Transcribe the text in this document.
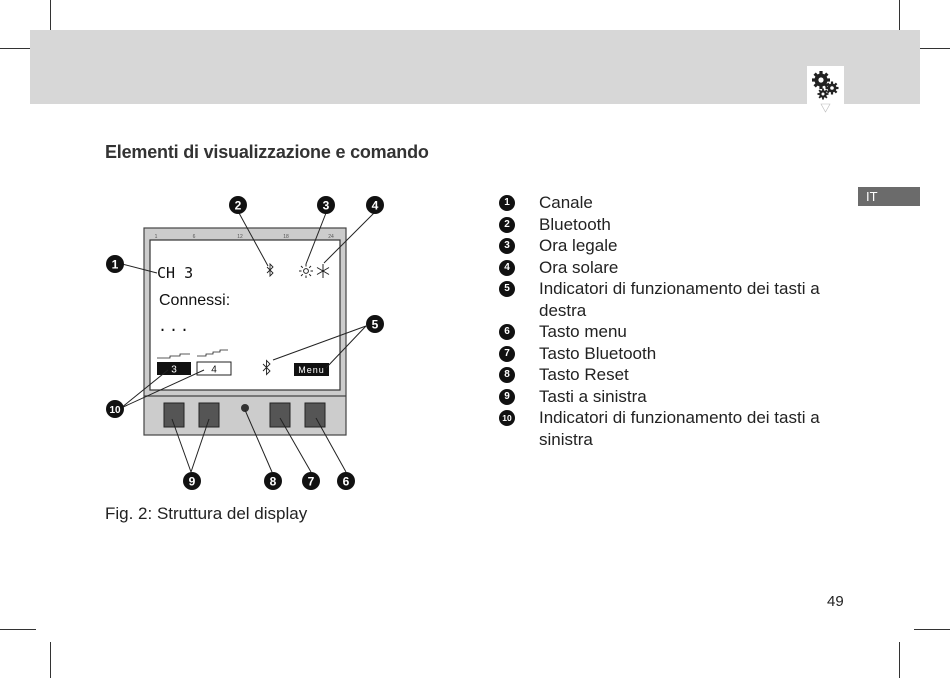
IT
Elementi di visualizzazione e comando
1	6	12	18	24
CH 3
Connessi:
...
3	4	Menu
1
2	3	4
5
6
7
8
9
10
Fig. 2: Struttura del display
1	Canale
2	Bluetooth
3	Ora legale
4	Ora solare
5	Indicatori di funzionamento dei tasti a destra
6	Tasto menu
7	Tasto Bluetooth
8	Tasto Reset
9	Tasti a sinistra
10 Indicatori di funzionamento dei tasti a sinistra
49
